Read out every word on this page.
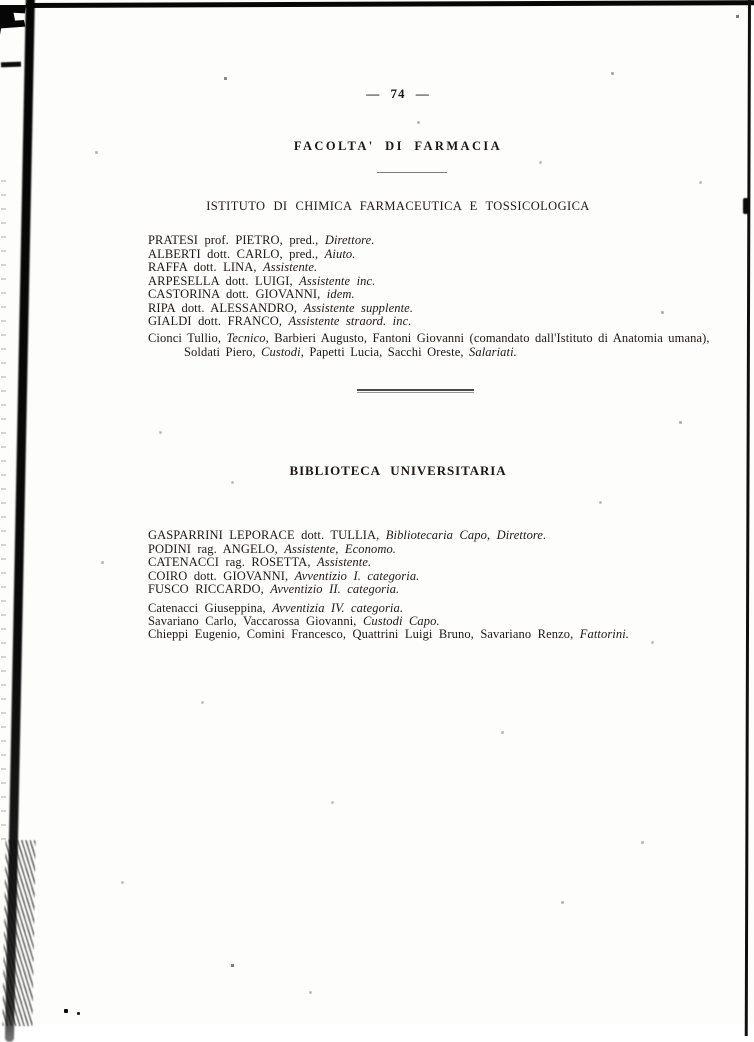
— 74 —
FACOLTA' DI FARMACIA
ISTITUTO DI CHIMICA FARMACEUTICA E TOSSICOLOGICA
PRATESI prof. PIETRO, pred., Direttore.
ALBERTI dott. CARLO, pred., Aiuto.
RAFFA dott. LINA, Assistente.
ARPESELLA dott. LUIGI, Assistente inc.
CASTORINA dott. GIOVANNI, idem.
RIPA dott. ALESSANDRO, Assistente supplente.
GIALDI dott. FRANCO, Assistente straord. inc.

Cionci Tullio, Tecnico, Barbieri Augusto, Fantoni Giovanni (comandato dall'Istituto di Anatomia umana), Soldati Piero, Custodi, Papetti Lucia, Sacchi Oreste, Salariati.

BIBLIOTECA UNIVERSITARIA
GASPARRINI LEPORACE dott. TULLIA, Bibliotecaria Capo, Direttore.
PODINI rag. ANGELO, Assistente, Economo.
CATENACCI rag. ROSETTA, Assistente.
COIRO dott. GIOVANNI, Avventizio I. categoria.
FUSCO RICCARDO, Avventizio II. categoria.
Catenacci Giuseppina, Avventizia IV. categoria.
Savariano Carlo, Vaccarossa Giovanni, Custodi Capo.
Chieppi Eugenio, Comini Francesco, Quattrini Luigi Bruno, Savariano Renzo, Fattorini.
